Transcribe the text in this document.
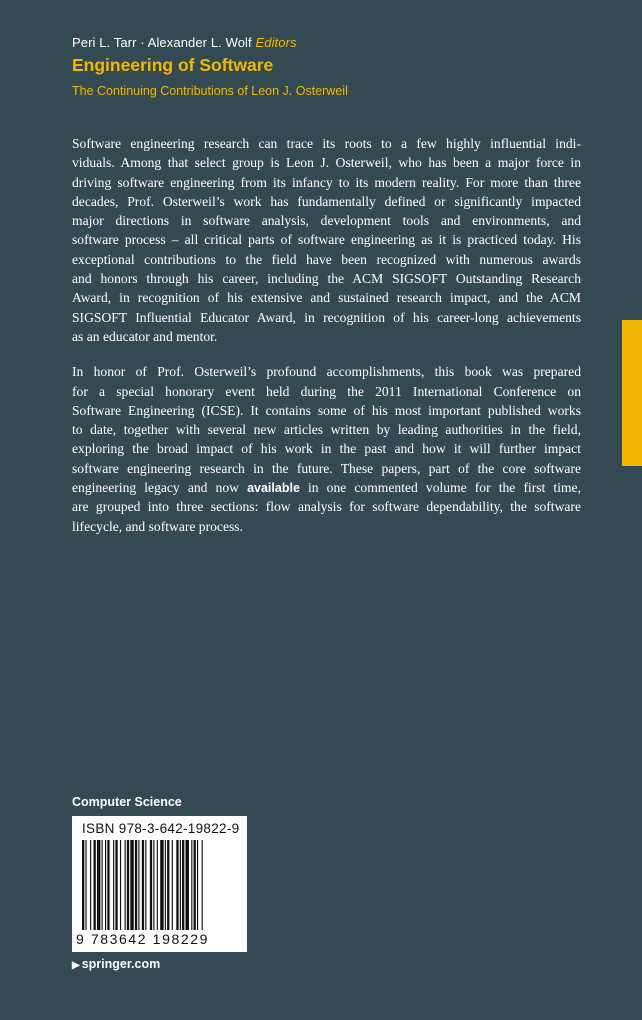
Peri L. Tarr · Alexander L. Wolf Editors
Engineering of Software
The Continuing Contributions of Leon J. Osterweil
Software engineering research can trace its roots to a few highly influential indi-
viduals. Among that select group is Leon J. Osterweil, who has been a major force in
driving software engineering from its infancy to its modern reality. For more than three
decades, Prof. Osterweil’s work has fundamentally defined or significantly impacted
major directions in software analysis, development tools and environments, and
software process – all critical parts of software engineering as it is practiced today. His
exceptional contributions to the field have been recognized with numerous awards
and honors through his career, including the ACM SIGSOFT Outstanding Research
Award, in recognition of his extensive and sustained research impact, and the ACM
SIGSOFT Influential Educator Award, in recognition of his career-long achievements
as an educator and mentor.
In honor of Prof. Osterweil’s profound accomplishments, this book was prepared
for a special honorary event held during the 2011 International Conference on
Software Engineering (ICSE). It contains some of his most important published works
to date, together with several new articles written by leading authorities in the field,
exploring the broad impact of his work in the past and how it will further impact
software engineering research in the future. These papers, part of the core software
engineering legacy and now available in one commented volume for the first time,
are grouped into three sections: flow analysis for software dependability, the software
lifecycle, and software process.
Computer Science
ISBN 978-3-642-19822-9
9 783642 198229
▶ springer.com
